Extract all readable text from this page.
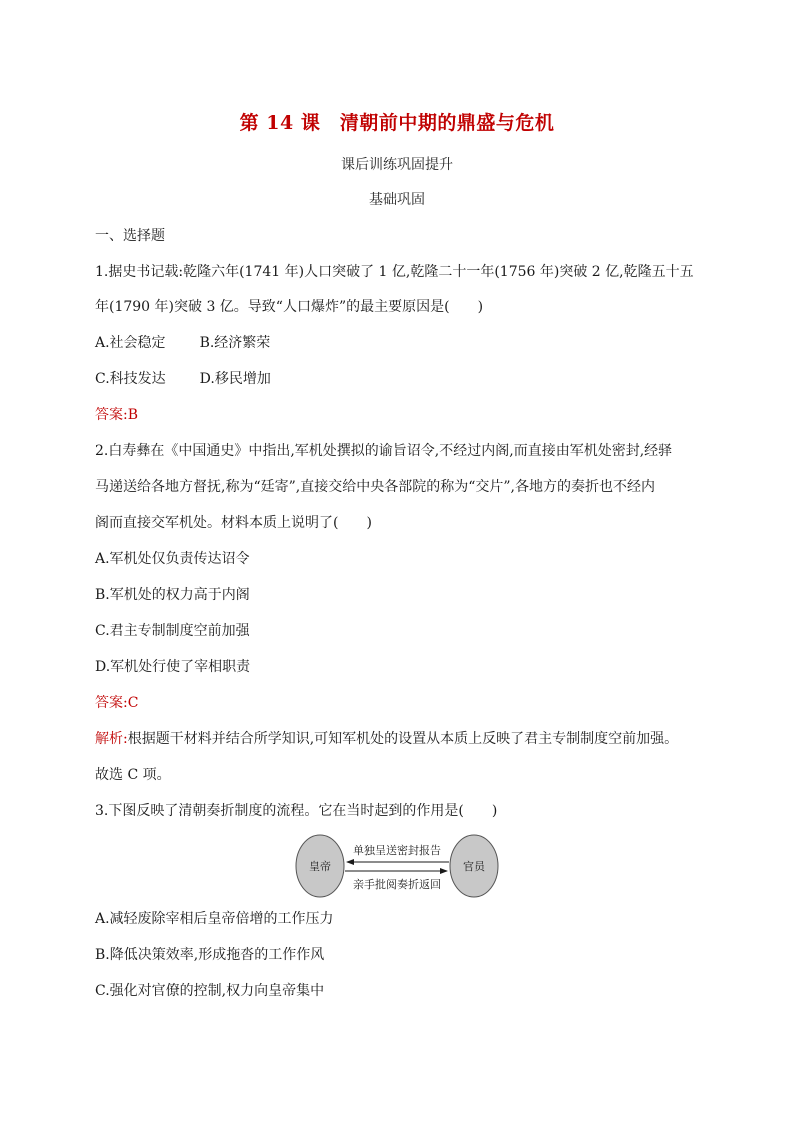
第 14 课　清朝前中期的鼎盛与危机
课后训练巩固提升
基础巩固
一、选择题
1.据史书记载:乾隆六年(1741 年)人口突破了 1 亿,乾隆二十一年(1756 年)突破 2 亿,乾隆五十五
年(1790 年)突破 3 亿。导致“人口爆炸”的最主要原因是(　　)
A.社会稳定 B.经济繁荣
C.科技发达 D.移民增加
答案:B
2.白寿彝在《中国通史》中指出,军机处撰拟的谕旨诏令,不经过内阁,而直接由军机处密封,经驿
马递送给各地方督抚,称为“廷寄”,直接交给中央各部院的称为“交片”,各地方的奏折也不经内
阁而直接交军机处。材料本质上说明了(　　)
A.军机处仅负责传达诏令
B.军机处的权力高于内阁
C.君主专制制度空前加强
D.军机处行使了宰相职责
答案:C
解析:根据题干材料并结合所学知识,可知军机处的设置从本质上反映了君主专制制度空前加强。
故选 C 项。
3.下图反映了清朝奏折制度的流程。它在当时起到的作用是(　　)
皇帝	官员
单独呈送密封报告
亲手批阅奏折返回
A.减轻废除宰相后皇帝倍增的工作压力
B.降低决策效率,形成拖沓的工作作风
C.强化对官僚的控制,权力向皇帝集中
